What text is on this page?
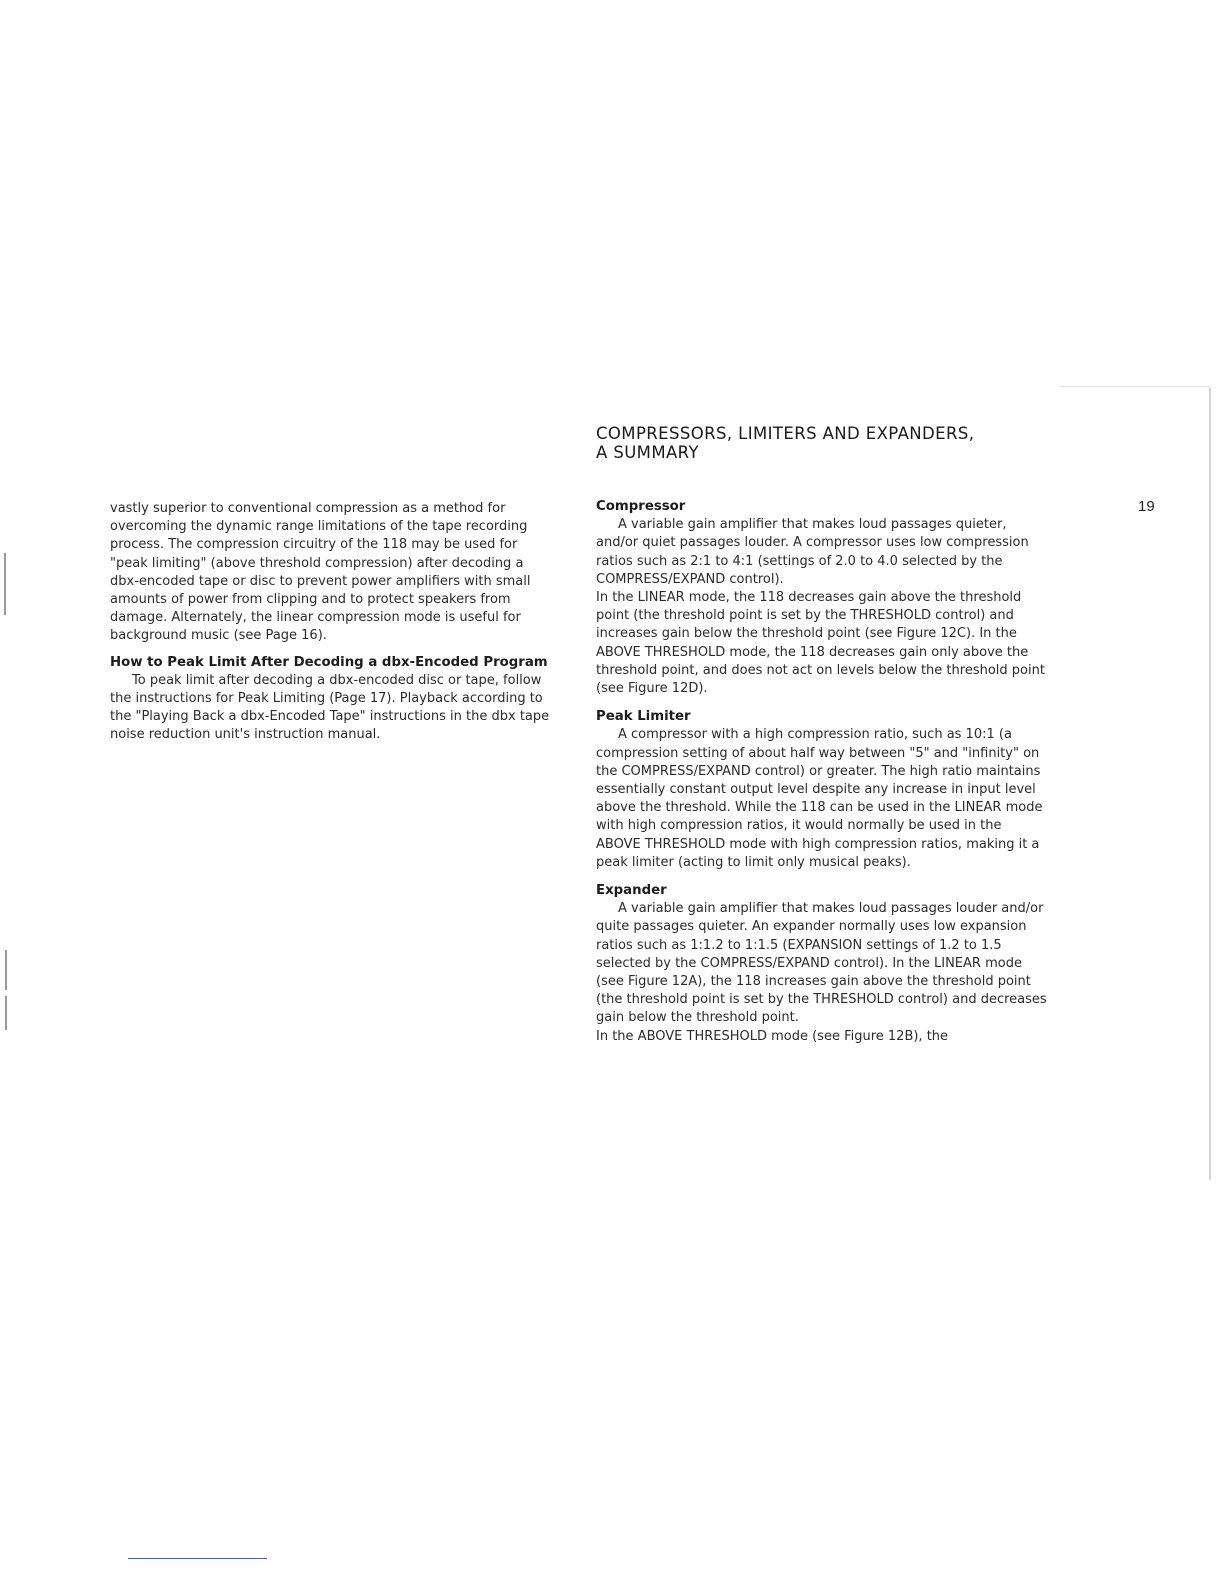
19

vastly superior to conventional compression as a method for overcoming the dynamic range limitations of the tape recording process. The compression circuitry of the 118 may be used for "peak limiting" (above threshold compression) after decoding a dbx-encoded tape or disc to prevent power amplifiers with small amounts of power from clipping and to protect speakers from damage. Alternately, the linear compression mode is useful for background music (see Page 16).

How to Peak Limit After Decoding a dbx-Encoded Program

To peak limit after decoding a dbx-encoded disc or tape, follow the instructions for Peak Limiting (Page 17). Playback according to the "Playing Back a dbx-Encoded Tape" instructions in the dbx tape noise reduction unit's instruction manual.

COMPRESSORS, LIMITERS AND EXPANDERS,
A SUMMARY
Compressor

A variable gain amplifier that makes loud passages quieter, and/or quiet passages louder. A compressor uses low compression ratios such as 2:1 to 4:1 (settings of 2.0 to 4.0 selected by the COMPRESS/EXPAND control).

In the LINEAR mode, the 118 decreases gain above the threshold point (the threshold point is set by the THRESHOLD control) and increases gain below the threshold point (see Figure 12C). In the ABOVE THRESHOLD mode, the 118 decreases gain only above the threshold point, and does not act on levels below the threshold point (see Figure 12D).

Peak Limiter

A compressor with a high compression ratio, such as 10:1 (a compression setting of about half way between "5" and "infinity" on the COMPRESS/EXPAND control) or greater. The high ratio maintains essentially constant output level despite any increase in input level above the threshold. While the 118 can be used in the LINEAR mode with high compression ratios, it would normally be used in the ABOVE THRESHOLD mode with high compression ratios, making it a peak limiter (acting to limit only musical peaks).

Expander

A variable gain amplifier that makes loud passages louder and/or quite passages quieter. An expander normally uses low expansion ratios such as 1:1.2 to 1:1.5 (EXPANSION settings of 1.2 to 1.5 selected by the COMPRESS/EXPAND control). In the LINEAR mode (see Figure 12A), the 118 increases gain above the threshold point (the threshold point is set by the THRESHOLD control) and decreases gain below the threshold point.

In the ABOVE THRESHOLD mode (see Figure 12B), the
